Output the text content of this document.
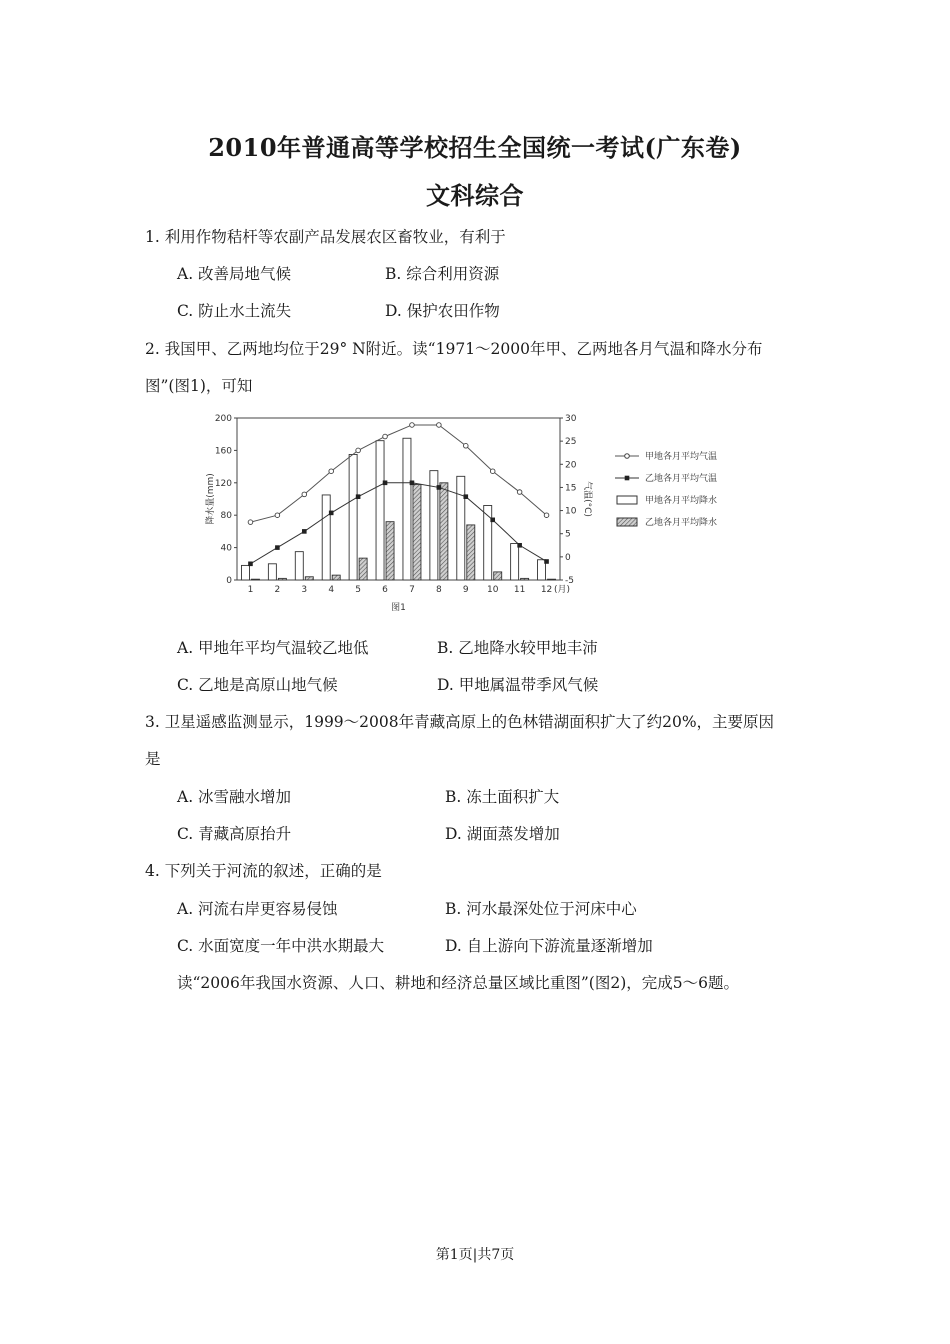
2010年普通高等学校招生全国统一考试(广东卷)
文科综合
1. 利用作物秸杆等农副产品发展农区畜牧业，有利于
A. 改善局地气候	B. 综合利用资源
C. 防止水土流失	D. 保护农田作物
2. 我国甲、乙两地均位于29° N附近。读“1971～2000年甲、乙两地各月气温和降水分布
图”(图1)，可知
0
40
80
120
160
200
-5
0
5
10
15
20
25
30
降水量(mm)	气温(°C)
1 2 3 4 5 6 7 8 9 10 11 12 (月)
图1
甲地各月平均气温
乙地各月平均气温
甲地各月平均降水
乙地各月平均降水
A. 甲地年平均气温较乙地低	B. 乙地降水较甲地丰沛
C. 乙地是高原山地气候	D. 甲地属温带季风气候
3. 卫星遥感监测显示，1999～2008年青藏高原上的色林错湖面积扩大了约20%，主要原因
是
A. 冰雪融水增加	B. 冻土面积扩大
C. 青藏高原抬升	D. 湖面蒸发增加
4. 下列关于河流的叙述，正确的是
A. 河流右岸更容易侵蚀	B. 河水最深处位于河床中心
C. 水面宽度一年中洪水期最大	D. 自上游向下游流量逐渐增加
读“2006年我国水资源、人口、耕地和经济总量区域比重图”(图2)，完成5～6题。
第1页|共7页
